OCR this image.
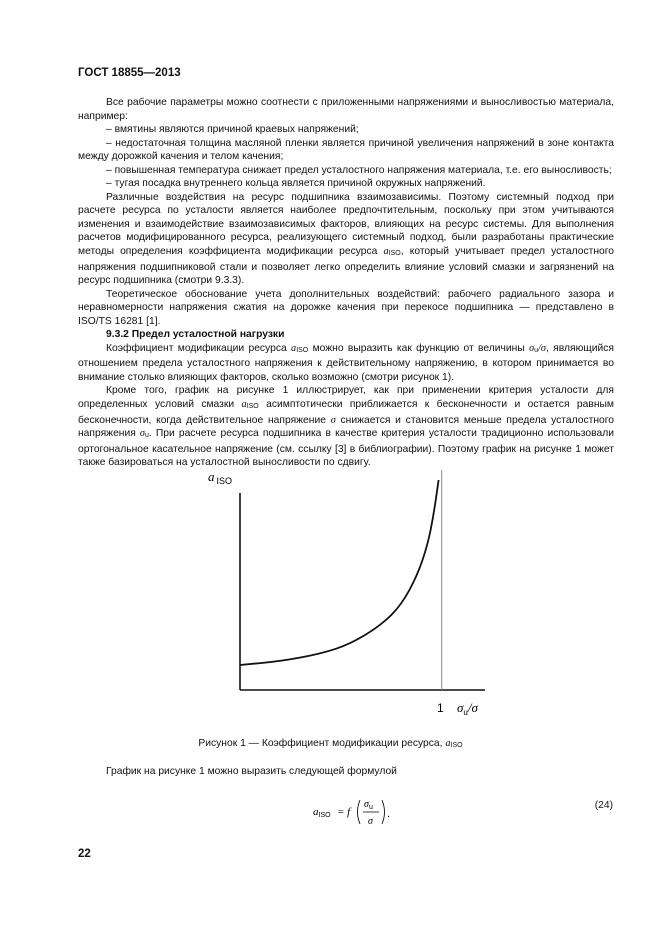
ГОСТ 18855—2013

Все рабочие параметры можно соотнести с приложенными напряжениями и выносливостью материала, например:

– вмятины являются причиной краевых напряжений;

– недостаточная толщина масляной пленки является причиной увеличения напряжений в зоне контакта между дорожкой качения и телом качения;

– повышенная температура снижает предел усталостного напряжения материала, т.е. его выносливость;

– тугая посадка внутреннего кольца является причиной окружных напряжений.

Различные воздействия на ресурс подшипника взаимозависимы. Поэтому системный подход при расчете ресурса по усталости является наиболее предпочтительным, поскольку при этом учитываются изменения и взаимодействие взаимозависимых факторов, влияющих на ресурс системы. Для выполнения расчетов модифицированного ресурса, реализующего системный подход, были разработаны практические методы определения коэффициента модификации ресурса aISO, который учитывает предел усталостного напряжения подшипниковой стали и позволяет легко определить влияние условий смазки и загрязнений на ресурс подшипника (смотри 9.3.3).

Теоретическое обоснование учета дополнительных воздействий: рабочего радиального зазора и неравномерности напряжения сжатия на дорожке качения при перекосе подшипника — представлено в ISO/TS 16281 [1].

9.3.2 Предел усталостной нагрузки

Коэффициент модификации ресурса aISO можно выразить как функцию от величины σu/σ, являющийся отношением предела усталостного напряжения к действительному напряжению, в котором принимается во внимание столько влияющих факторов, сколько возможно (смотри рисунок 1).

Кроме того, график на рисунке 1 иллюстрирует, как при применении критерия усталости для определенных условий смазки aISO асимптотически приближается к бесконечности и остается равным бесконечности, когда действительное напряжение σ снижается и становится меньше предела усталостного напряжения σu. При расчете ресурса подшипника в качестве критерия усталости традиционно использовали ортогональное касательное напряжение (см. ссылку [3] в библиографии). Поэтому график на рисунке 1 может также базироваться на усталостной выносливости по сдвигу.

a $_{ISO}$
1 $\sigma_u/\sigma$
Рисунок 1 — Коэффициент модификации ресурса, aISO
График на рисунке 1 можно выразить следующей формулой
aISO = f
$\sigma_u$
σ
.
(24)
22
